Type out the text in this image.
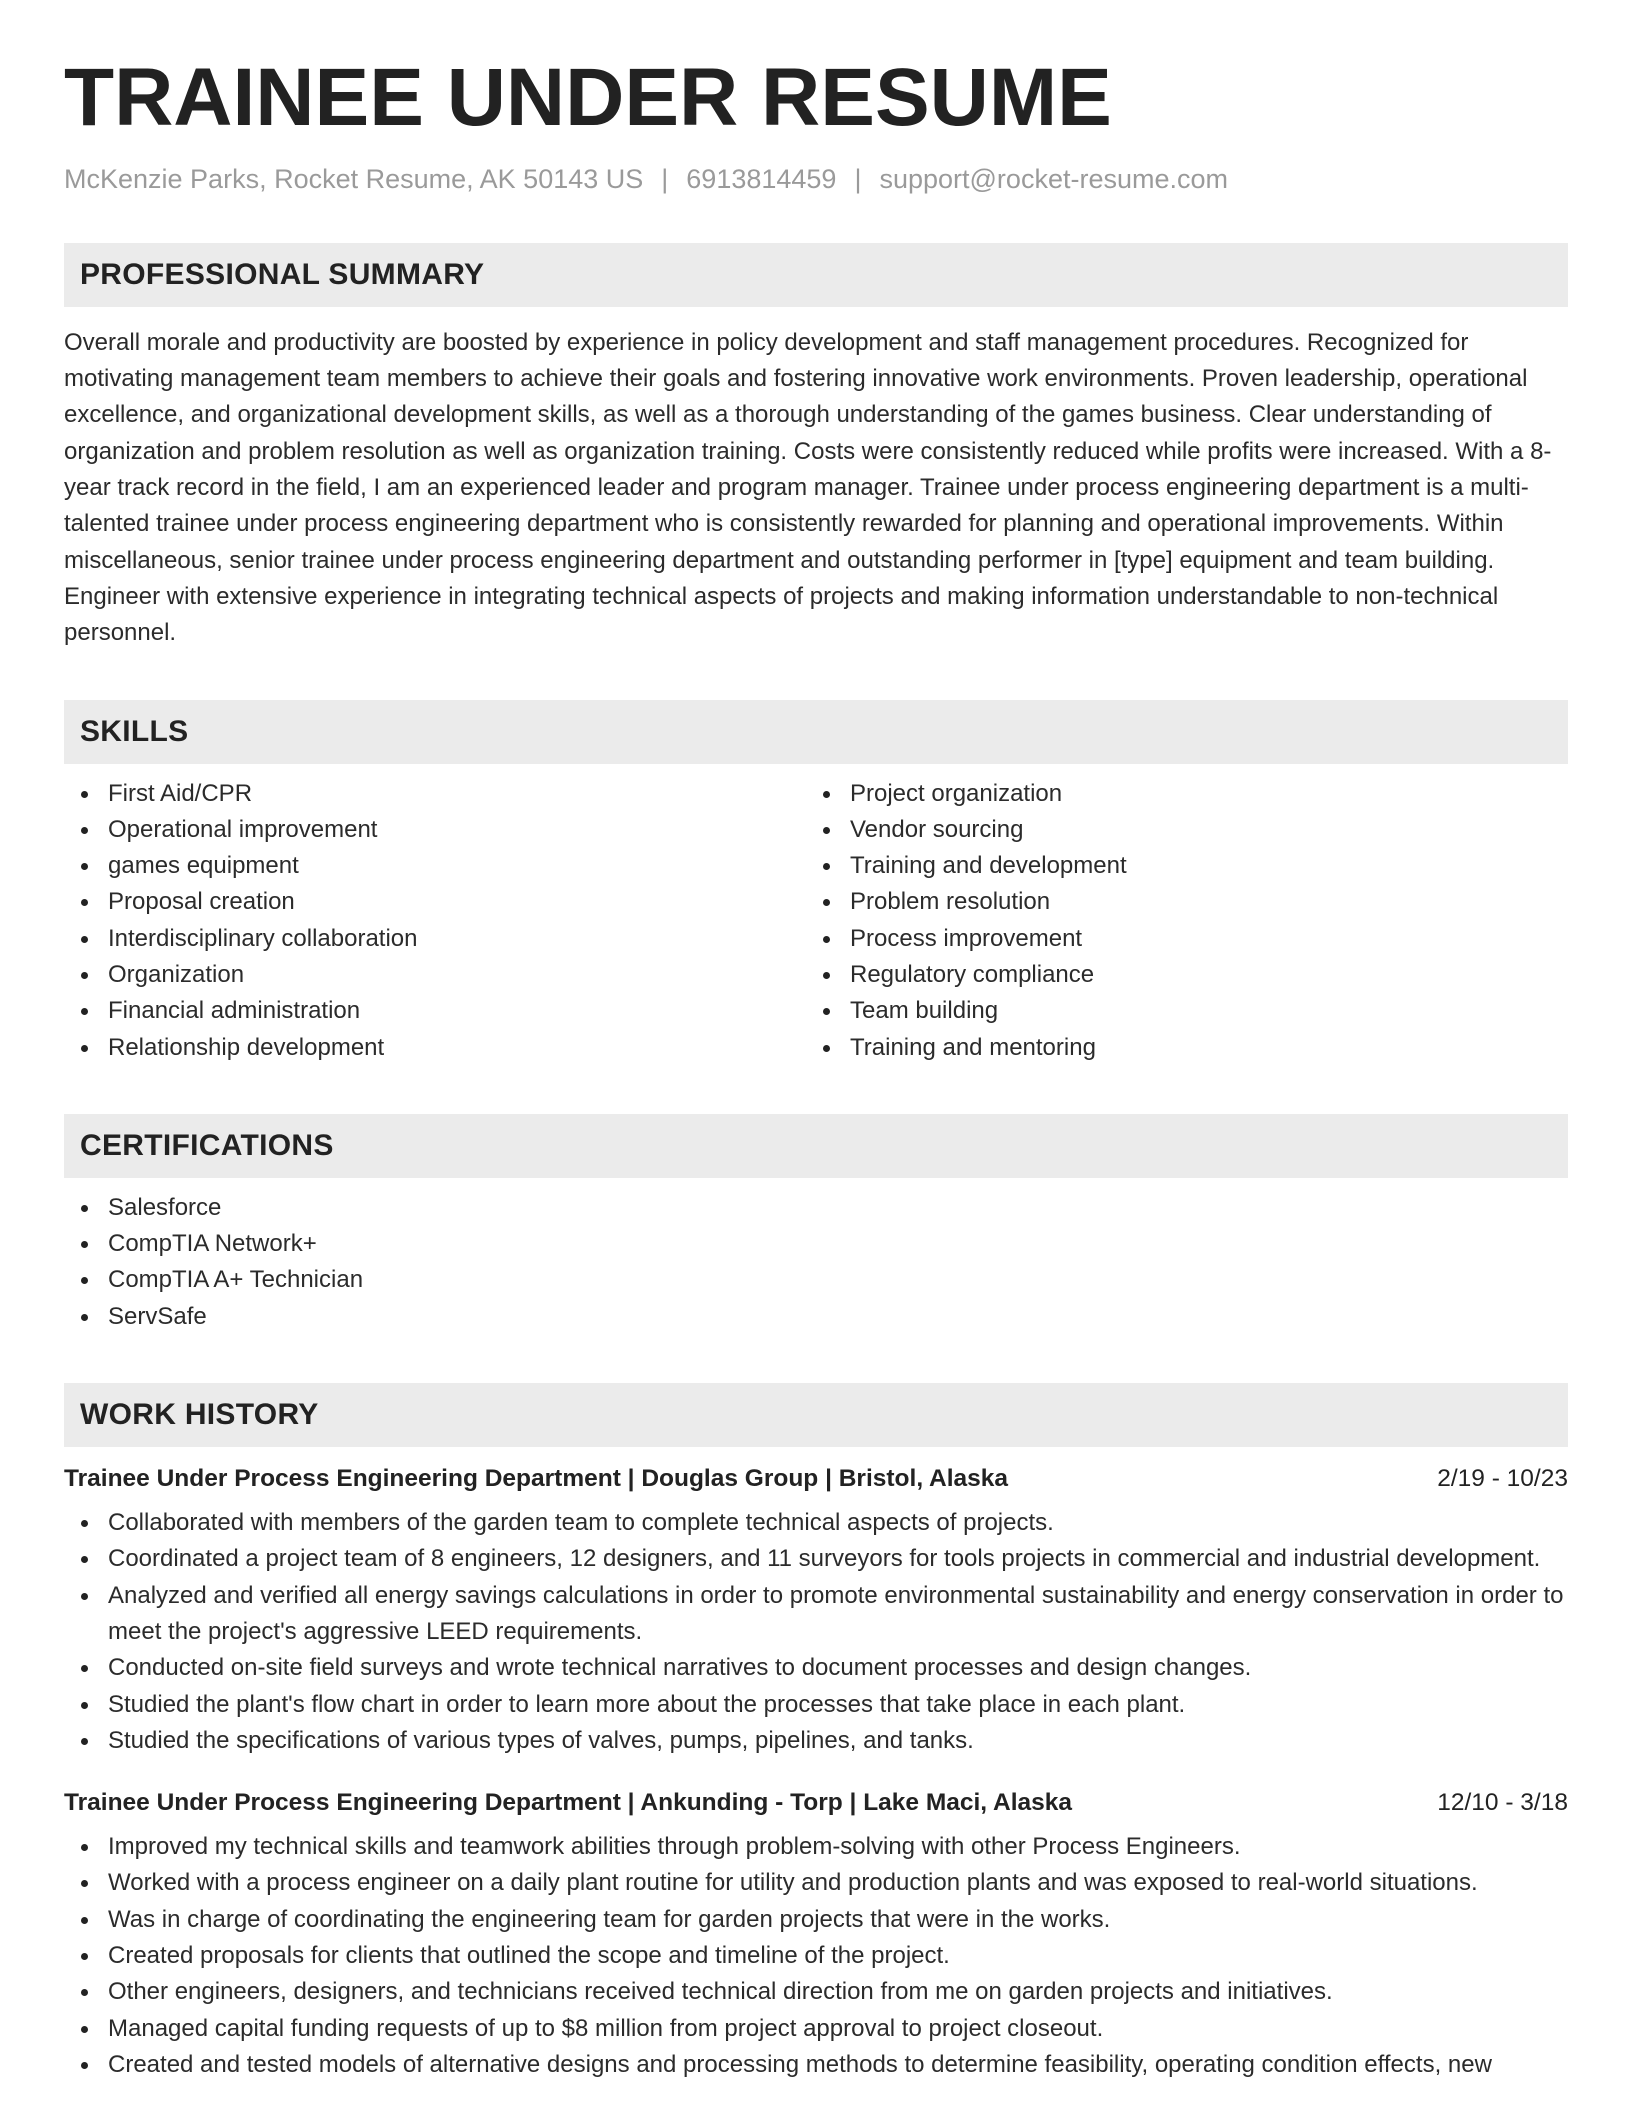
TRAINEE UNDER RESUME
McKenzie Parks, Rocket Resume, AK 50143 US | 6913814459 | support@rocket-resume.com
PROFESSIONAL SUMMARY

Overall morale and productivity are boosted by experience in policy development and staff management procedures. Recognized for motivating management team members to achieve their goals and fostering innovative work environments. Proven leadership, operational excellence, and organizational development skills, as well as a thorough understanding of the games business. Clear understanding of organization and problem resolution as well as organization training. Costs were consistently reduced while profits were increased. With a 8-year track record in the field, I am an experienced leader and program manager. Trainee under process engineering department is a multi-talented trainee under process engineering department who is consistently rewarded for planning and operational improvements. Within miscellaneous, senior trainee under process engineering department and outstanding performer in [type] equipment and team building. Engineer with extensive experience in integrating technical aspects of projects and making information understandable to non-technical personnel.

SKILLS
First Aid/CPR
Operational improvement
games equipment
Proposal creation
Interdisciplinary collaboration
Organization
Financial administration
Relationship development
Project organization
Vendor sourcing
Training and development
Problem resolution
Process improvement
Regulatory compliance
Team building
Training and mentoring
CERTIFICATIONS
Salesforce
CompTIA Network+
CompTIA A+ Technician
ServSafe
WORK HISTORY
Trainee Under Process Engineering Department | Douglas Group | Bristol, Alaska	2/19 - 10/23
Collaborated with members of the garden team to complete technical aspects of projects.
Coordinated a project team of 8 engineers, 12 designers, and 11 surveyors for tools projects in commercial and industrial development.
Analyzed and verified all energy savings calculations in order to promote environmental sustainability and energy conservation in order to meet the project's aggressive LEED requirements.
Conducted on-site field surveys and wrote technical narratives to document processes and design changes.
Studied the plant's flow chart in order to learn more about the processes that take place in each plant.
Studied the specifications of various types of valves, pumps, pipelines, and tanks.
Trainee Under Process Engineering Department | Ankunding - Torp | Lake Maci, Alaska	12/10 - 3/18
Improved my technical skills and teamwork abilities through problem-solving with other Process Engineers.
Worked with a process engineer on a daily plant routine for utility and production plants and was exposed to real-world situations.
Was in charge of coordinating the engineering team for garden projects that were in the works.
Created proposals for clients that outlined the scope and timeline of the project.
Other engineers, designers, and technicians received technical direction from me on garden projects and initiatives.
Managed capital funding requests of up to $8 million from project approval to project closeout.
Created and tested models of alternative designs and processing methods to determine feasibility, operating condition effects, new
